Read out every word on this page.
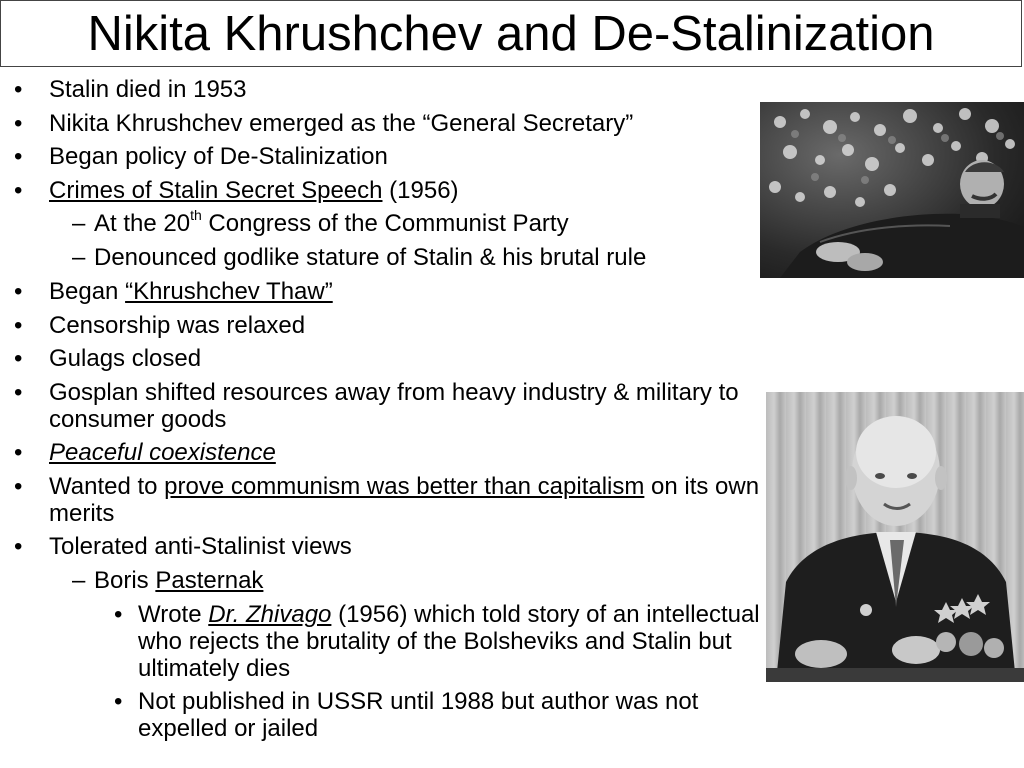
Nikita Khrushchev and De-Stalinization
• Stalin died in 1953
• Nikita Khrushchev emerged as the “General Secretary”
• Began policy of De-Stalinization
• Crimes of Stalin Secret Speech (1956)
– At the 20th Congress of the Communist Party
– Denounced godlike stature of Stalin & his brutal rule
• Began “Khrushchev Thaw”
• Censorship was relaxed
• Gulags closed
• Gosplan shifted resources away from heavy industry & military to consumer goods
• Peaceful coexistence
• Wanted to prove communism was better than capitalism on its own merits
• Tolerated anti-Stalinist views
– Boris Pasternak
• Wrote Dr. Zhivago (1956) which told story of an intellectual who rejects the brutality of the Bolsheviks and Stalin but ultimately dies
• Not published in USSR until 1988 but author was not expelled or jailed
